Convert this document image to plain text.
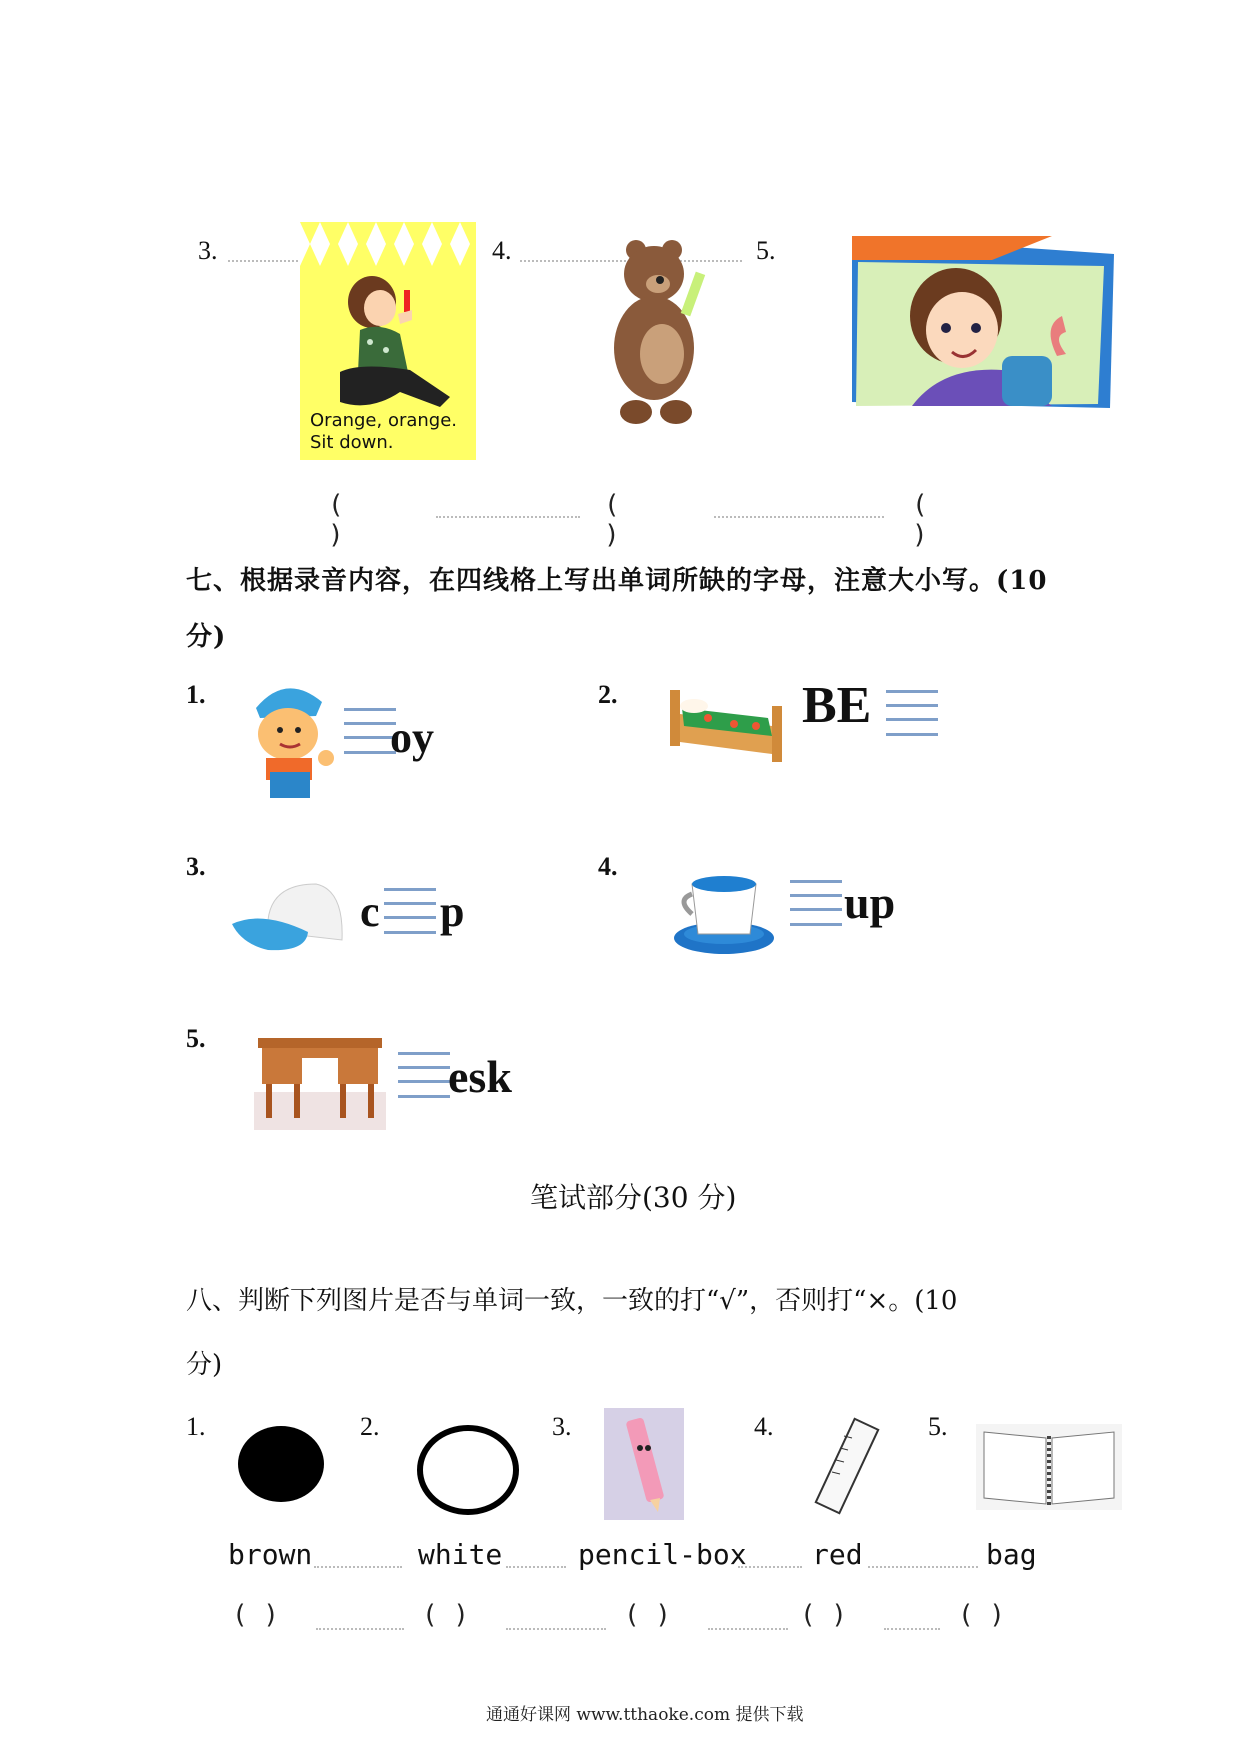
3.
Orange, orange.
Sit down.
4.	5.
( )
( )
( )
七、根据录音内容，在四线格上写出单词所缺的字母，注意大小写。(10
分)
1.
oy
2.	BE
3.
c p
4.
up
5.
esk
笔试部分(30 分)
八、判断下列图片是否与单词一致，一致的打“√”，否则打“×。(10
分)
1.	2.	3.	4.	5.
brown	white	pencil-box red	bag
( )	( )	( )	( )	( )
通通好课网 www.tthaoke.com 提供下载
